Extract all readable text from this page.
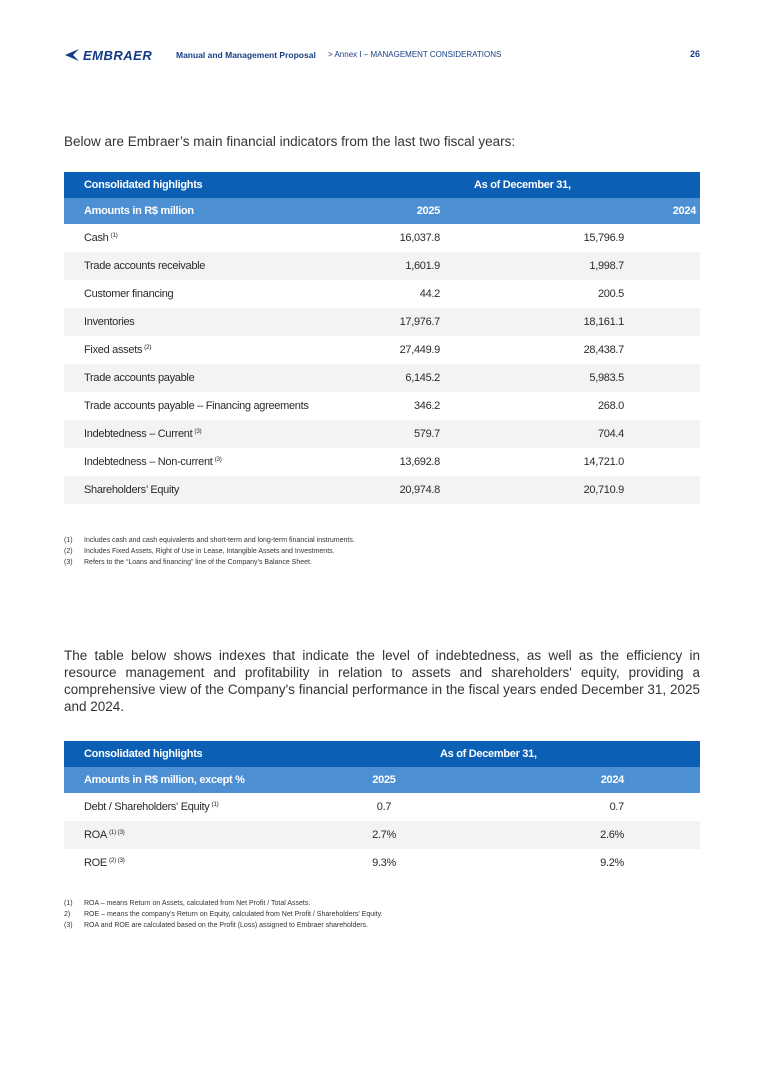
EMBRAER	Manual and Management Proposal > Annex I – MANAGEMENT CONSIDERATIONS	26
Below are Embraer’s main financial indicators from the last two fiscal years:
Consolidated highlights	As of December 31,	
Amounts in R$ million	2025	2024
Cash $^{(1)}$	16,037.8	15,796.9
Trade accounts receivable	1,601.9	1,998.7
Customer financing	44.2	200.5
Inventories	17,976.7	18,161.1
Fixed assets $^{(2)}$	27,449.9	28,438.7
Trade accounts payable	6,145.2	5,983.5
Trade accounts payable – Financing agreements	346.2	268.0
Indebtedness – Current $^{(3)}$	579.7	704.4
Indebtedness – Non-current $^{(3)}$	13,692.8	14,721.0
Shareholders’ Equity	20,974.8	20,710.9
(1) Includes cash and cash equivalents and short-term and long-term financial instruments.
(2) Includes Fixed Assets, Right of Use in Lease, Intangible Assets and Investments.
(3) Refers to the “Loans and financing” line of the Company’s Balance Sheet.
The table below shows indexes that indicate the level of indebtedness, as well as the efficiency in resource management and profitability in relation to assets and shareholders' equity, providing a comprehensive view of the Company's financial performance in the fiscal years ended December 31, 2025 and 2024.
Consolidated highlights	As of December 31,	
Amounts in R$ million, except %	2025	2024
Debt / Shareholders' Equity $^{(1)}$	0.7	0.7
ROA $^{(1) (3)}$	2.7%	2.6%
ROE $^{(2) (3)}$	9.3%	9.2%
(1) ROA – means Return on Assets, calculated from Net Profit / Total Assets.
2) ROE – means the company’s Return on Equity, calculated from Net Profit / Shareholders’ Equity.
(3) ROA and ROE are calculated based on the Profit (Loss) assigned to Embraer shareholders.
